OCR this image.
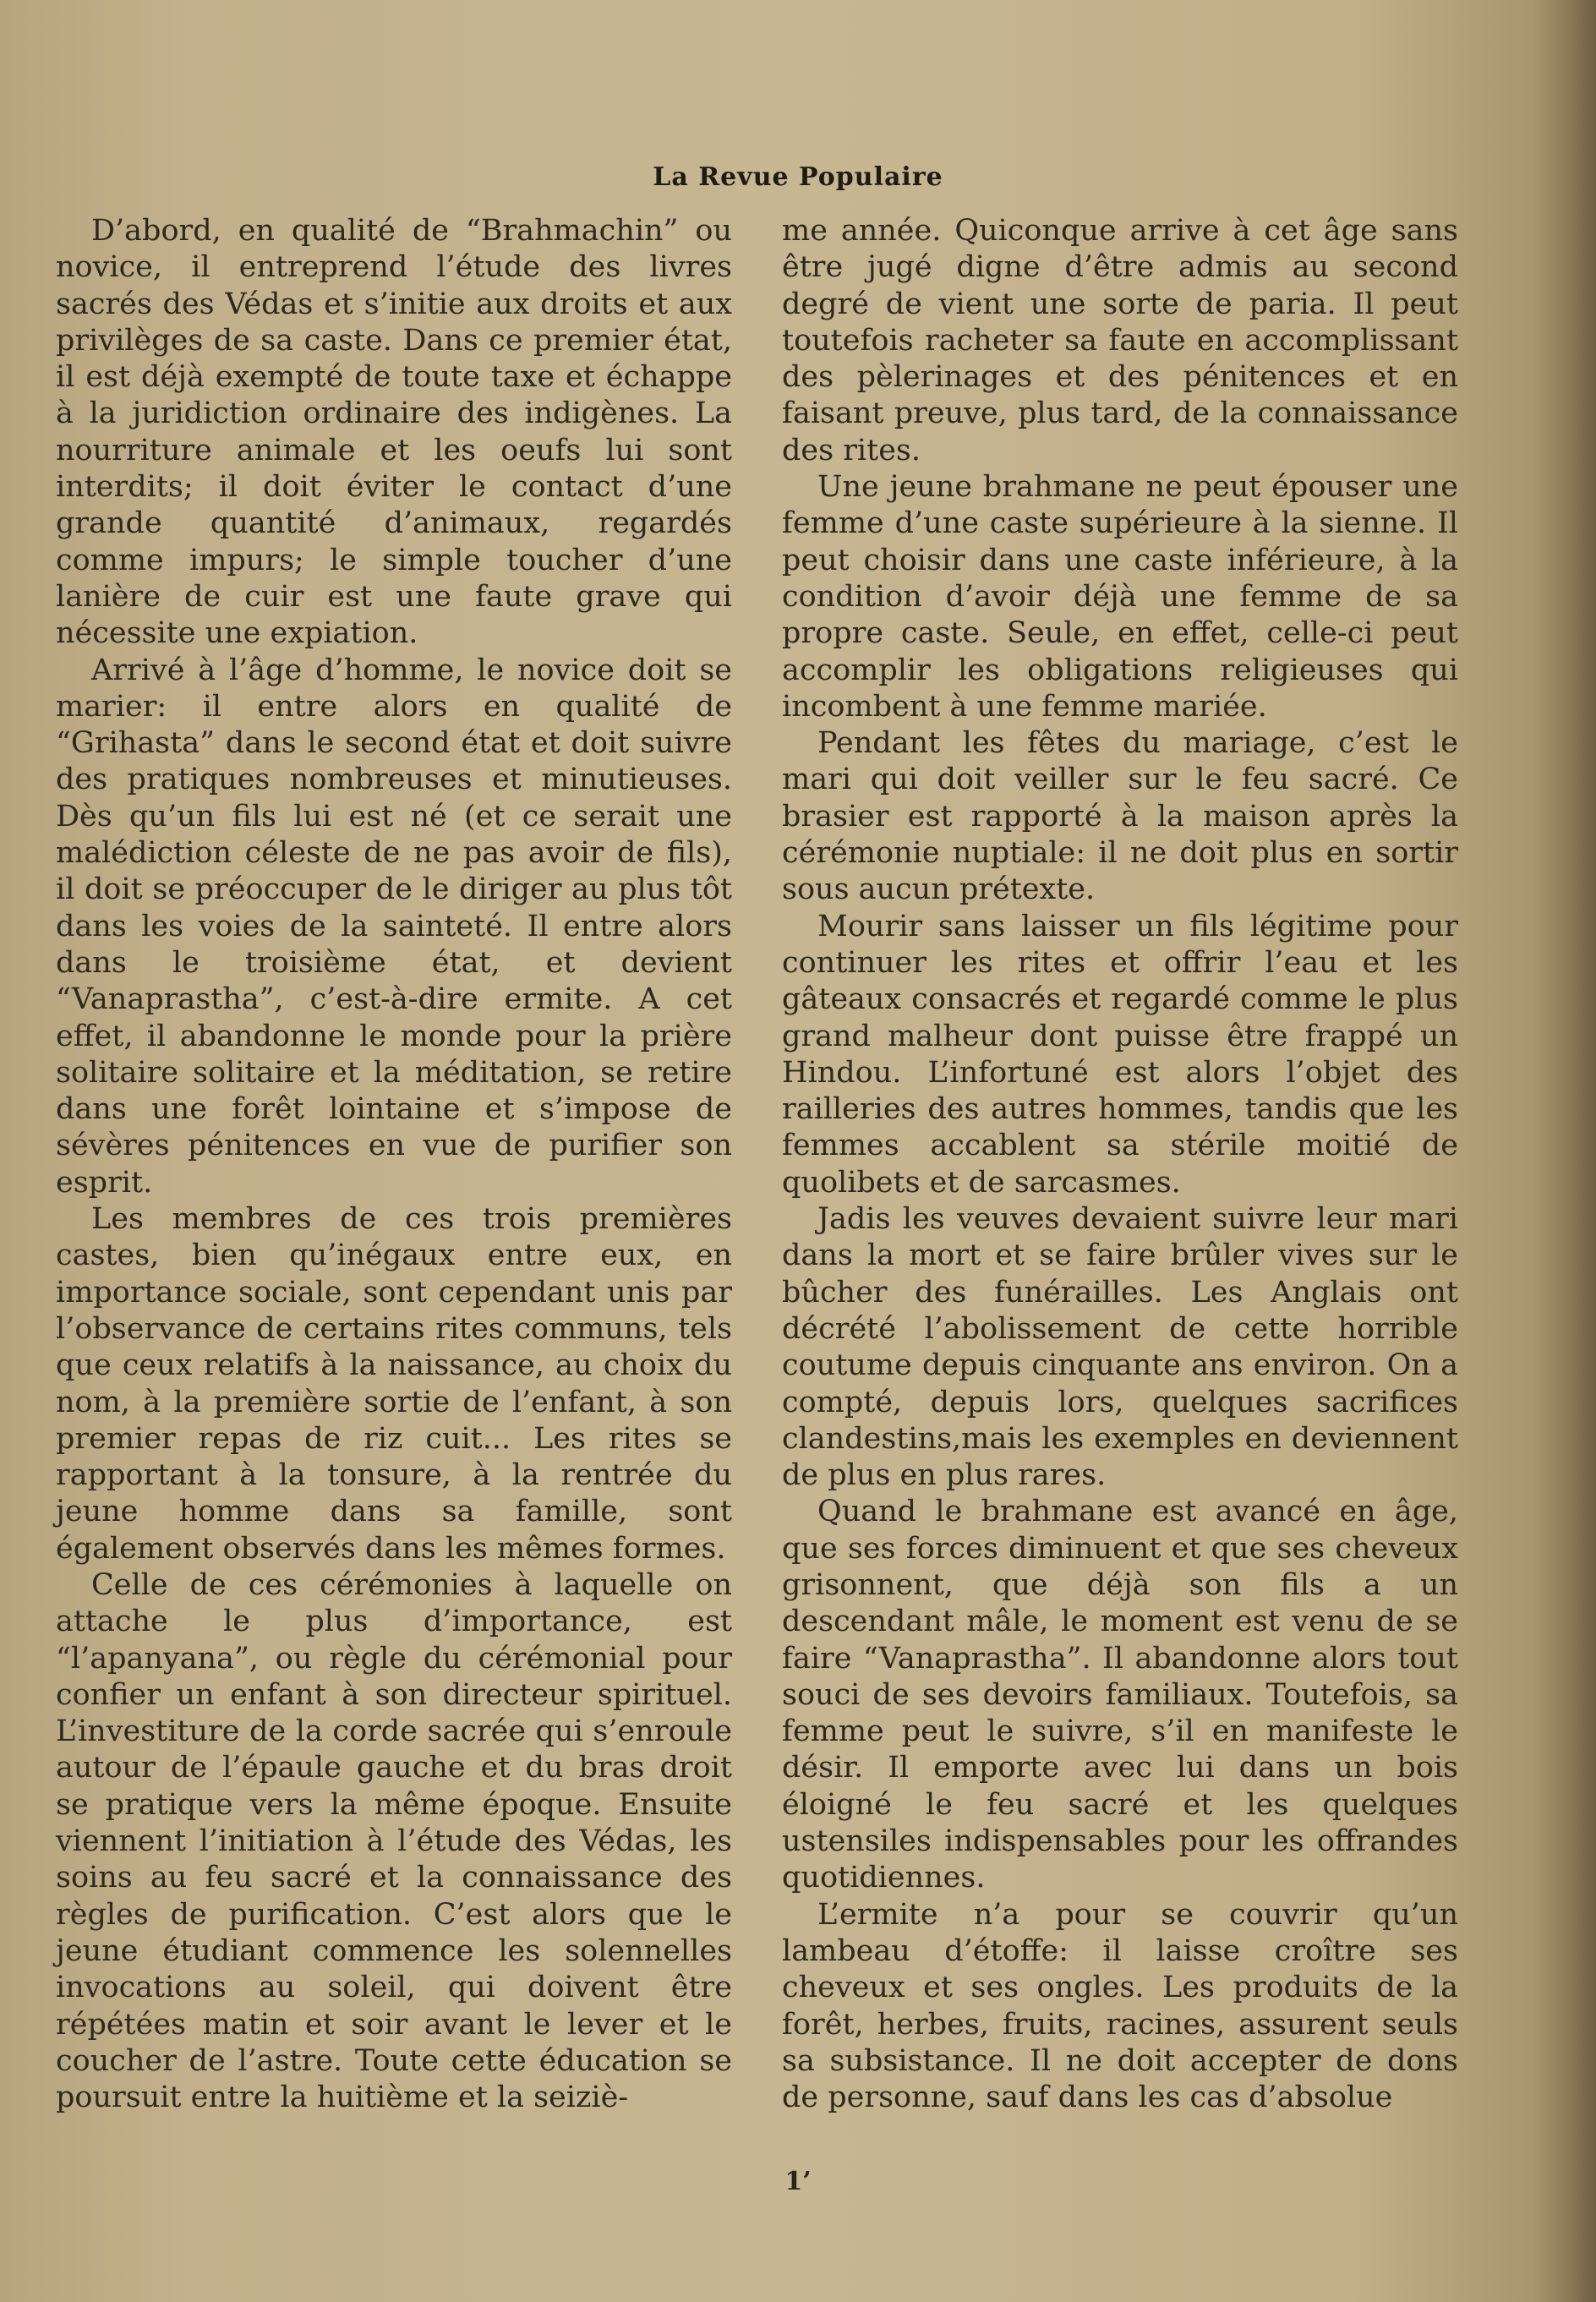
La Revue Populaire

D’abord, en qualité de “Brahmachin” ou novice, il entreprend l’étude des livres sacrés des Védas et s’initie aux droits et aux privilèges de sa caste. Dans ce premier état, il est déjà exempté de toute taxe et échappe à la juridiction ordinaire des indigènes. La nourriture animale et les oeufs lui sont interdits; il doit éviter le contact d’une grande quantité d’animaux, regardés comme impurs; le simple toucher d’une lanière de cuir est une faute grave qui nécessite une expiation.

Arrivé à l’âge d’homme, le novice doit se marier: il entre alors en qualité de “Grihasta” dans le second état et doit suivre des pratiques nombreuses et minutieuses. Dès qu’un fils lui est né (et ce serait une malédiction céleste de ne pas avoir de fils), il doit se préoccuper de le diriger au plus tôt dans les voies de la sainteté. Il entre alors dans le troisième état, et devient “Vanaprastha”, c’est-à-dire ermite. A cet effet, il abandonne le monde pour la prière solitaire solitaire et la méditation, se retire dans une forêt lointaine et s’impose de sévères pénitences en vue de purifier son esprit.

Les membres de ces trois premières castes, bien qu’inégaux entre eux, en importance sociale, sont cependant unis par l’observance de certains rites communs, tels que ceux relatifs à la naissance, au choix du nom, à la première sortie de l’enfant, à son premier repas de riz cuit... Les rites se rapportant à la tonsure, à la rentrée du jeune homme dans sa famille, sont également observés dans les mêmes formes.

Celle de ces cérémonies à laquelle on attache le plus d’importance, est “l’apanyana”, ou règle du cérémonial pour confier un enfant à son directeur spirituel. L’investiture de la corde sacrée qui s’enroule autour de l’épaule gauche et du bras droit se pratique vers la même époque. Ensuite viennent l’initiation à l’étude des Védas, les soins au feu sacré et la connaissance des règles de purification. C’est alors que le jeune étudiant commence les solennelles invocations au soleil, qui doivent être répétées matin et soir avant le lever et le coucher de l’astre. Toute cette éducation se poursuit entre la huitième et la seiziè-

me année. Quiconque arrive à cet âge sans être jugé digne d’être admis au second degré de vient une sorte de paria. Il peut toutefois racheter sa faute en accomplissant des pèlerinages et des pénitences et en faisant preuve, plus tard, de la connaissance des rites.

Une jeune brahmane ne peut épouser une femme d’une caste supérieure à la sienne. Il peut choisir dans une caste inférieure, à la condition d’avoir déjà une femme de sa propre caste. Seule, en effet, celle-ci peut accomplir les obligations religieuses qui incombent à une femme mariée.

Pendant les fêtes du mariage, c’est le mari qui doit veiller sur le feu sacré. Ce brasier est rapporté à la maison après la cérémonie nuptiale: il ne doit plus en sortir sous aucun prétexte.

Mourir sans laisser un fils légitime pour continuer les rites et offrir l’eau et les gâteaux consacrés et regardé comme le plus grand malheur dont puisse être frappé un Hindou. L’infortuné est alors l’objet des railleries des autres hommes, tandis que les femmes accablent sa stérile moitié de quolibets et de sarcasmes.

Jadis les veuves devaient suivre leur mari dans la mort et se faire brûler vives sur le bûcher des funérailles. Les Anglais ont décrété l’abolissement de cette horrible coutume depuis cinquante ans environ. On a compté, depuis lors, quelques sacrifices clandestins,mais les exemples en deviennent de plus en plus rares.

Quand le brahmane est avancé en âge, que ses forces diminuent et que ses cheveux grisonnent, que déjà son fils a un descendant mâle, le moment est venu de se faire “Vanaprastha”. Il abandonne alors tout souci de ses devoirs familiaux. Toutefois, sa femme peut le suivre, s’il en manifeste le désir. Il emporte avec lui dans un bois éloigné le feu sacré et les quelques ustensiles indispensables pour les offrandes quotidiennes.

L’ermite n’a pour se couvrir qu’un lambeau d’étoffe: il laisse croître ses cheveux et ses ongles. Les produits de la forêt, herbes, fruits, racines, assurent seuls sa subsistance. Il ne doit accepter de dons de personne, sauf dans les cas d’absolue

1’
